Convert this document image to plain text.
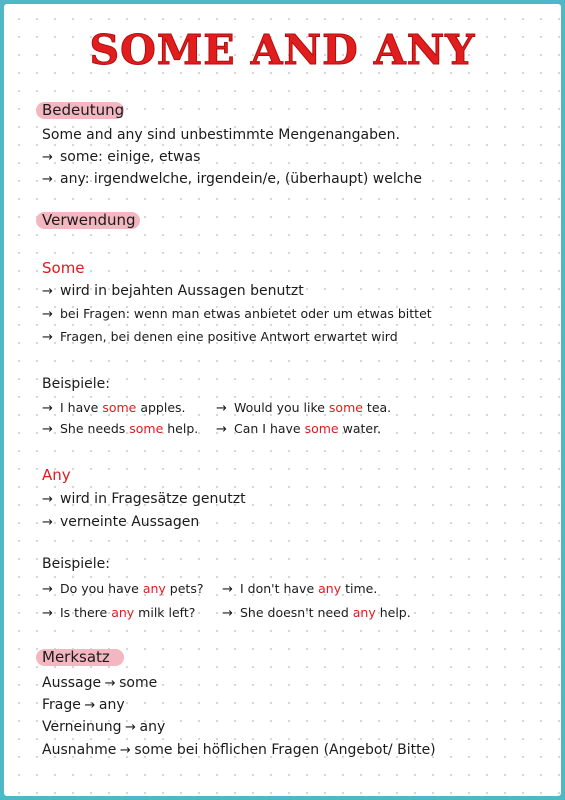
SOME AND ANY
Bedeutung
Some and any sind unbestimmte Mengenangaben.
→ some: einige, etwas
→ any: irgendwelche, irgendein/e, (überhaupt) welche
Verwendung
Some
→ wird in bejahten Aussagen benutzt
→ bei Fragen: wenn man etwas anbietet oder um etwas bittet
→ Fragen, bei denen eine positive Antwort erwartet wird
Beispiele:
→ I have some apples. → Would you like some tea.
→ She needs some help. → Can I have some water.
Any
→ wird in Fragesätze genutzt
→ verneinte Aussagen
Beispiele:
→ Do you have any pets? → I don't have any time.
→ Is there any milk left? → She doesn't need any help.
Merksatz
Aussage → some
Frage → any
Verneinung → any
Ausnahme → some bei höflichen Fragen (Angebot/ Bitte)
